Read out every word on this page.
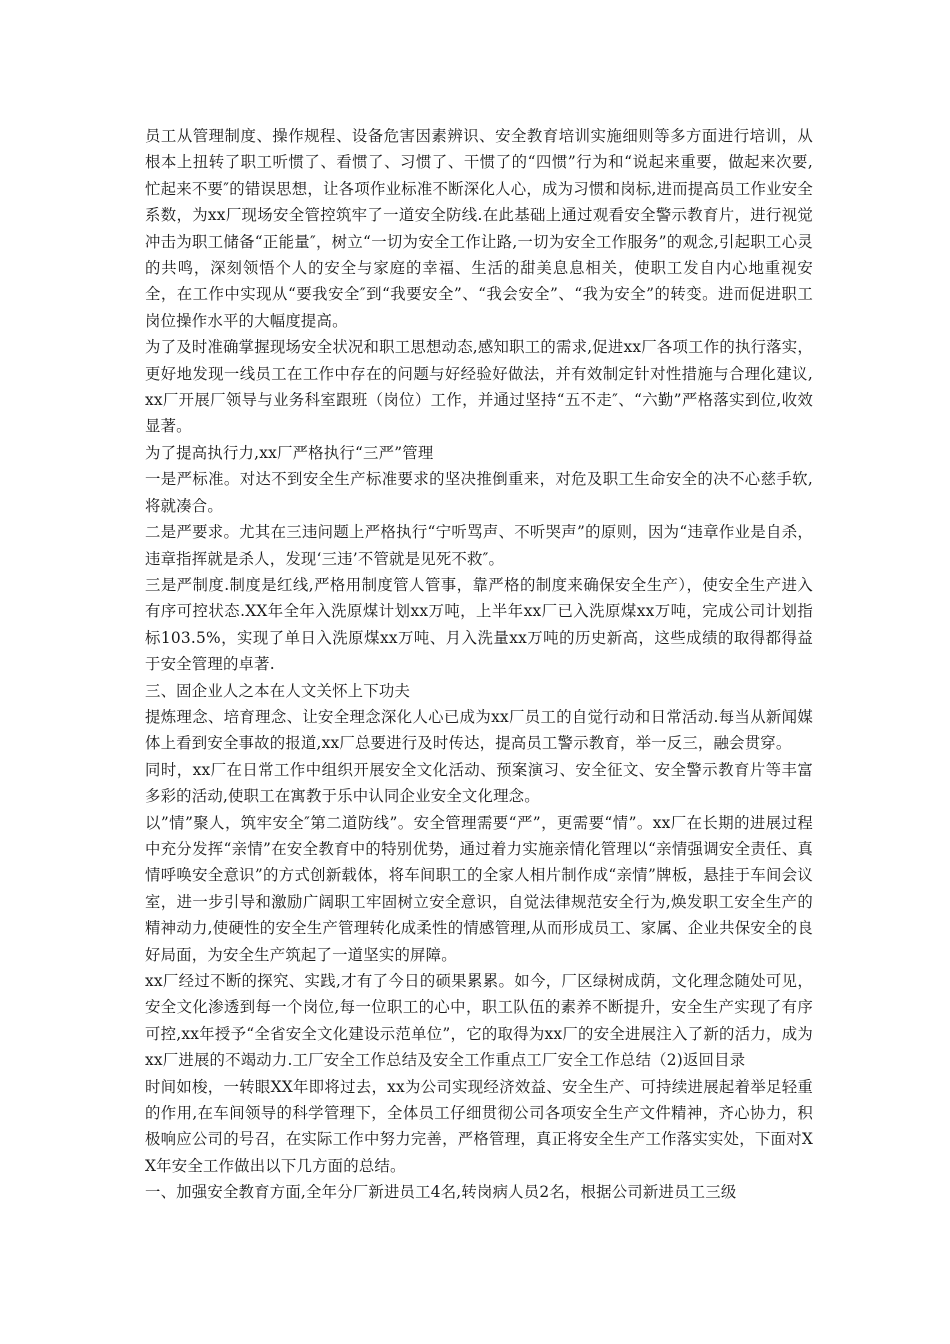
员工从管理制度、操作规程、设备危害因素辨识、安全教育培训实施细则等多方面进行培训，从根本上扭转了职工听惯了、看惯了、习惯了、干惯了的“四惯”行为和“说起来重要，做起来次要,忙起来不要″的错误思想，让各项作业标准不断深化人心，成为习惯和岗标,进而提高员工作业安全系数，为xx厂现场安全管控筑牢了一道安全防线.在此基础上通过观看安全警示教育片，进行视觉冲击为职工储备“正能量″，树立“一切为安全工作让路,一切为安全工作服务”的观念,引起职工心灵的共鸣，深刻领悟个人的安全与家庭的幸福、生活的甜美息息相关，使职工发自内心地重视安全，在工作中实现从“要我安全″到“我要安全”、“我会安全”、“我为安全”的转变。进而促进职工岗位操作水平的大幅度提高。

为了及时准确掌握现场安全状况和职工思想动态,感知职工的需求,促进xx厂各项工作的执行落实，更好地发现一线员工在工作中存在的问题与好经验好做法，并有效制定针对性措施与合理化建议,xx厂开展厂领导与业务科室跟班（岗位）工作，并通过坚持“五不走″、“六勤”严格落实到位,收效显著。

为了提高执行力,xx厂严格执行“三严”管理

一是严标准。对达不到安全生产标准要求的坚决推倒重来，对危及职工生命安全的决不心慈手软,将就凑合。

二是严要求。尤其在三违问题上严格执行“宁听骂声、不听哭声”的原则，因为“违章作业是自杀，违章指挥就是杀人，发现‘三违’不管就是见死不救″。

三是严制度.制度是红线,严格用制度管人管事，靠严格的制度来确保安全生产），使安全生产进入有序可控状态.XX年全年入洗原煤计划xx万吨，上半年xx厂已入洗原煤xx万吨，完成公司计划指标103.5%，实现了单日入洗原煤xx万吨、月入洗量xx万吨的历史新高，这些成绩的取得都得益于安全管理的卓著.

三、固企业人之本在人文关怀上下功夫

提炼理念、培育理念、让安全理念深化人心已成为xx厂员工的自觉行动和日常活动.每当从新闻媒体上看到安全事故的报道,xx厂总要进行及时传达，提高员工警示教育，举一反三，融会贯穿。

同时，xx厂在日常工作中组织开展安全文化活动、预案演习、安全征文、安全警示教育片等丰富多彩的活动,使职工在寓教于乐中认同企业安全文化理念。

以”情”聚人，筑牢安全″第二道防线”。安全管理需要“严”，更需要“情”。xx厂在长期的进展过程中充分发挥“亲情”在安全教育中的特别优势，通过着力实施亲情化管理以“亲情强调安全责任、真情呼唤安全意识”的方式创新载体，将车间职工的全家人相片制作成“亲情”牌板，悬挂于车间会议室，进一步引导和激励广阔职工牢固树立安全意识，自觉法律规范安全行为,焕发职工安全生产的精神动力,使硬性的安全生产管理转化成柔性的情感管理,从而形成员工、家属、企业共保安全的良好局面，为安全生产筑起了一道坚实的屏障。

xx厂经过不断的探究、实践,才有了今日的硕果累累。如今，厂区绿树成荫，文化理念随处可见，安全文化渗透到每一个岗位,每一位职工的心中，职工队伍的素养不断提升，安全生产实现了有序可控,xx年授予“全省安全文化建设示范单位”，它的取得为xx厂的安全进展注入了新的活力，成为xx厂进展的不竭动力.工厂安全工作总结及安全工作重点工厂安全工作总结（2)返回目录

时间如梭，一转眼XX年即将过去，xx为公司实现经济效益、安全生产、可持续进展起着举足轻重的作用,在车间领导的科学管理下，全体员工仔细贯彻公司各项安全生产文件精神，齐心协力，积极响应公司的号召，在实际工作中努力完善，严格管理，真正将安全生产工作落实实处，下面对XX年安全工作做出以下几方面的总结。

一、加强安全教育方面,全年分厂新进员工4名,转岗病人员2名，根据公司新进员工三级
